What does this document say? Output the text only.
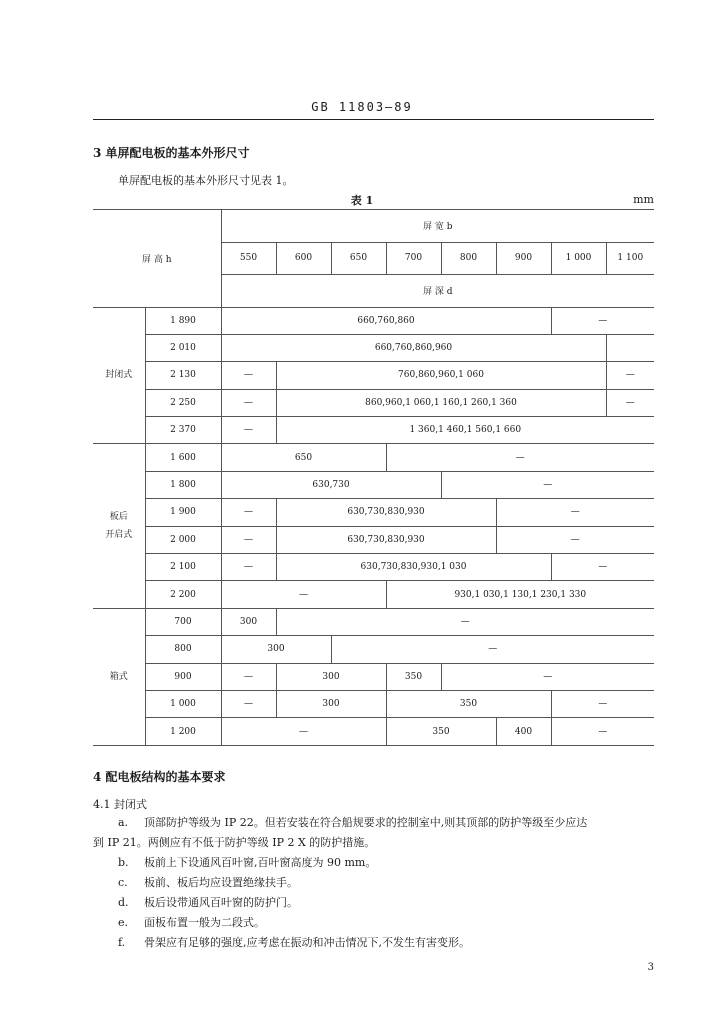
GB 11803—89
3 单屏配电板的基本外形尺寸
单屏配电板的基本外形尺寸见表 1。
表 1	mm
屏 高 h		屏 宽 b							
		550	600	650	700	800	900	1 000	1 100
		屏 深 d							
封闭式	1 890	660,760,860						—	
	2 010	660,760,860,960							
	2 130	—	760,860,960,1 060						—
	2 250	—	860,960,1 060,1 160,1 260,1 360						—
	2 370	—	1 360,1 460,1 560,1 660						

板后
开启式	1 600	650			—				
	1 800	630,730				—			
	1 900	—	630,730,830,930				—		
	2 000	—	630,730,830,930				—		
	2 100	—	630,730,830,930,1 030					—	
	2 200	—			930,1 030,1 130,1 230,1 330				
箱式	700	300	—						
	800	300		—					
	900	—	300		350	—			
	1 000	—	300		350			—	
	1 200	—			350		400	—	
4 配电板结构的基本要求
4.1 封闭式
a. 顶部防护等级为 IP 22。但若安装在符合船规要求的控制室中,则其顶部的防护等级至少应达
到 IP 21。两侧应有不低于防护等级 IP 2 X 的防护措施。
b. 板前上下设通风百叶窗,百叶窗高度为 90 mm。
c. 板前、板后均应设置绝缘扶手。
d. 板后设带通风百叶窗的防护门。
e. 面板布置一般为二段式。
f. 骨架应有足够的强度,应考虑在振动和冲击情况下,不发生有害变形。
3
